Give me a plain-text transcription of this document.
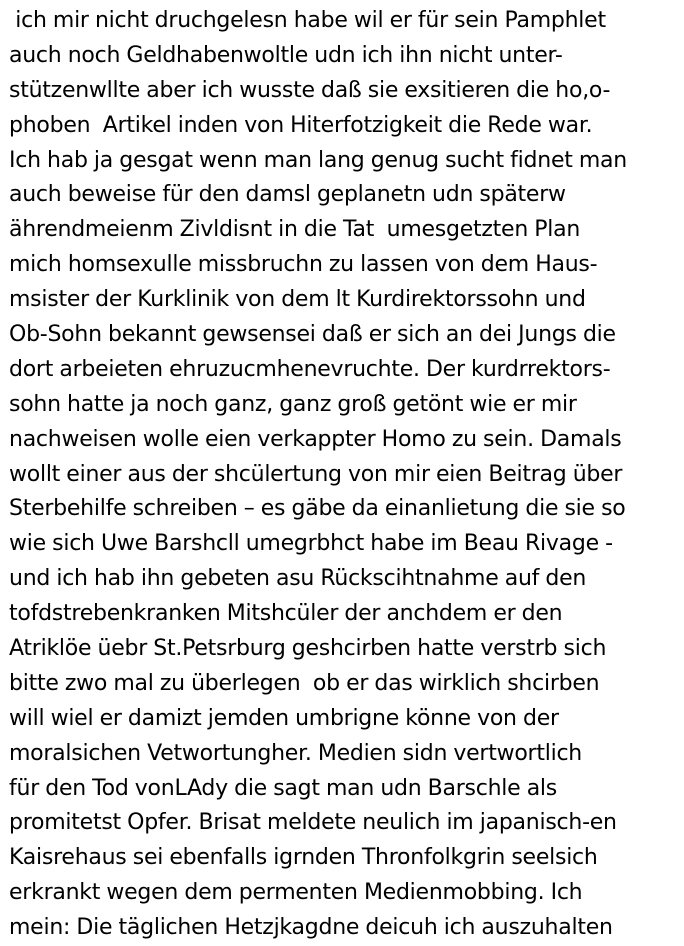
ich mir nicht druchgelesn habe wil er für sein Pamphlet
auch noch Geldhabenwoltle udn ich ihn nicht unter-
stützenwllte aber ich wusste daß sie exsitieren die ho,o-
phoben  Artikel inden von Hiterfotzigkeit die Rede war.
Ich hab ja gesgat wenn man lang genug sucht fidnet man
auch beweise für den damsl geplanetn udn späterw
ährendmeienm Zivldisnt in die Tat  umesgetzten Plan
mich homsexulle missbruchn zu lassen von dem Haus-
msister der Kurklinik von dem lt Kurdirektorssohn und
Ob-Sohn bekannt gewsensei daß er sich an dei Jungs die
dort arbeieten ehruzucmhenevruchte. Der kurdrrektors-
sohn hatte ja noch ganz, ganz groß getönt wie er mir
nachweisen wolle eien verkappter Homo zu sein. Damals
wollt einer aus der shcülertung von mir eien Beitrag über
Sterbehilfe schreiben – es gäbe da einanlietung die sie so
wie sich Uwe Barshcll umegrbhct habe im Beau Rivage -
und ich hab ihn gebeten asu Rückscihtnahme auf den
tofdstrebenkranken Mitshcüler der anchdem er den
Atriklöe üebr St.Petsrburg geshcirben hatte verstrb sich
bitte zwo mal zu überlegen  ob er das wirklich shcirben
will wiel er damizt jemden umbrigne könne von der
moralsichen Vetwortungher. Medien sidn vertwortlich
für den Tod vonLAdy die sagt man udn Barschle als
promitetst Opfer. Brisat meldete neulich im japanisch-en
Kaisrehaus sei ebenfalls igrnden Thronfolkgrin seelsich
erkrankt wegen dem permenten Medienmobbing. Ich
mein: Die täglichen Hetzjkagdne deicuh ich auszuhalten
